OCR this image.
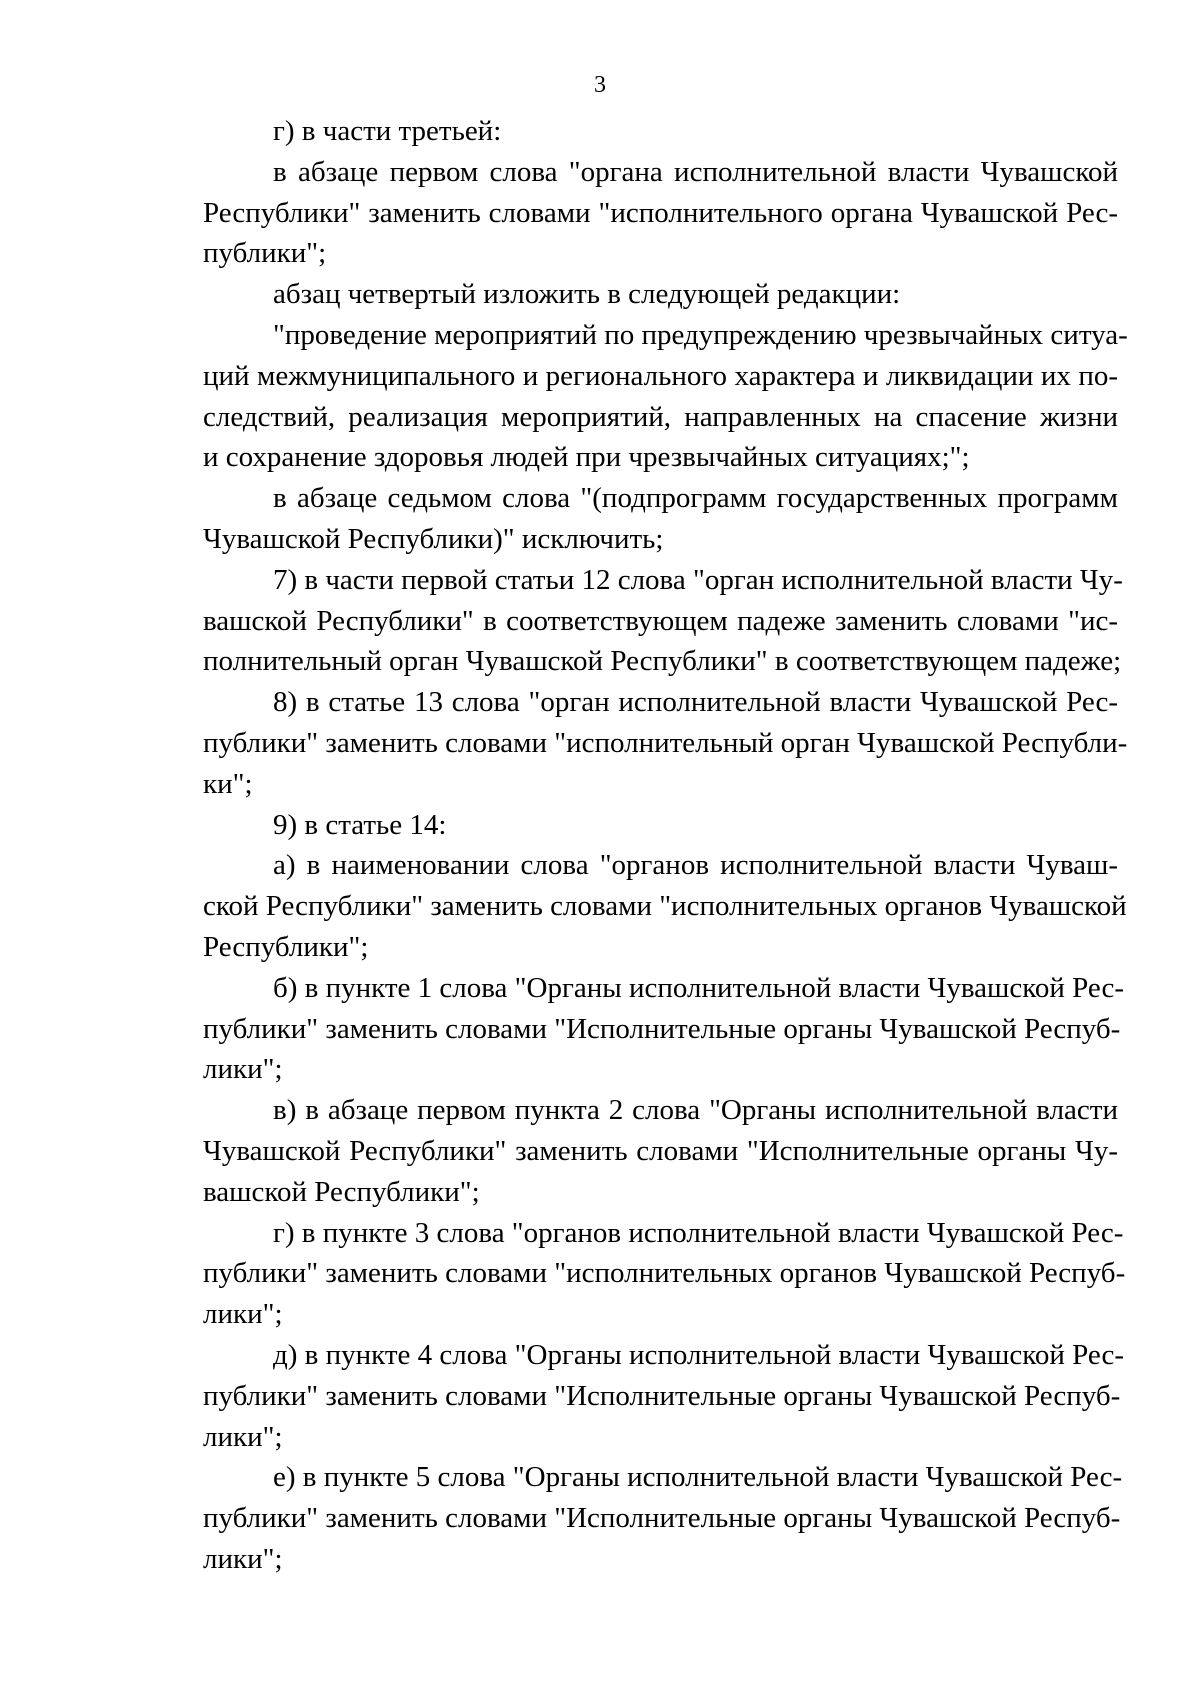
3
г) в части третьей:
в абзаце первом слова "органа исполнительной власти Чувашской
Республики" заменить словами "исполнительного органа Чувашской Рес-
публики";
абзац четвертый изложить в следующей редакции:
"проведение мероприятий по предупреждению чрезвычайных ситуа-
ций межмуниципального и регионального характера и ликвидации их по-
следствий, реализация мероприятий, направленных на спасение жизни
и сохранение здоровья людей при чрезвычайных ситуациях;";
в абзаце седьмом слова "(подпрограмм государственных программ
Чувашской Республики)" исключить;
7) в части первой статьи 12 слова "орган исполнительной власти Чу-
вашской Республики" в соответствующем падеже заменить словами "ис-
полнительный орган Чувашской Республики" в соответствующем падеже;
8) в статье 13 слова "орган исполнительной власти Чувашской Рес-
публики" заменить словами "исполнительный орган Чувашской Республи-
ки";
9) в статье 14:
а) в наименовании слова "органов исполнительной власти Чуваш-
ской Республики" заменить словами "исполнительных органов Чувашской
Республики";
б) в пункте 1 слова "Органы исполнительной власти Чувашской Рес-
публики" заменить словами "Исполнительные органы Чувашской Респуб-
лики";
в) в абзаце первом пункта 2 слова "Органы исполнительной власти
Чувашской Республики" заменить словами "Исполнительные органы Чу-
вашской Республики";
г) в пункте 3 слова "органов исполнительной власти Чувашской Рес-
публики" заменить словами "исполнительных органов Чувашской Респуб-
лики";
д) в пункте 4 слова "Органы исполнительной власти Чувашской Рес-
публики" заменить словами "Исполнительные органы Чувашской Респуб-
лики";
е) в пункте 5 слова "Органы исполнительной власти Чувашской Рес-
публики" заменить словами "Исполнительные органы Чувашской Респуб-
лики";
